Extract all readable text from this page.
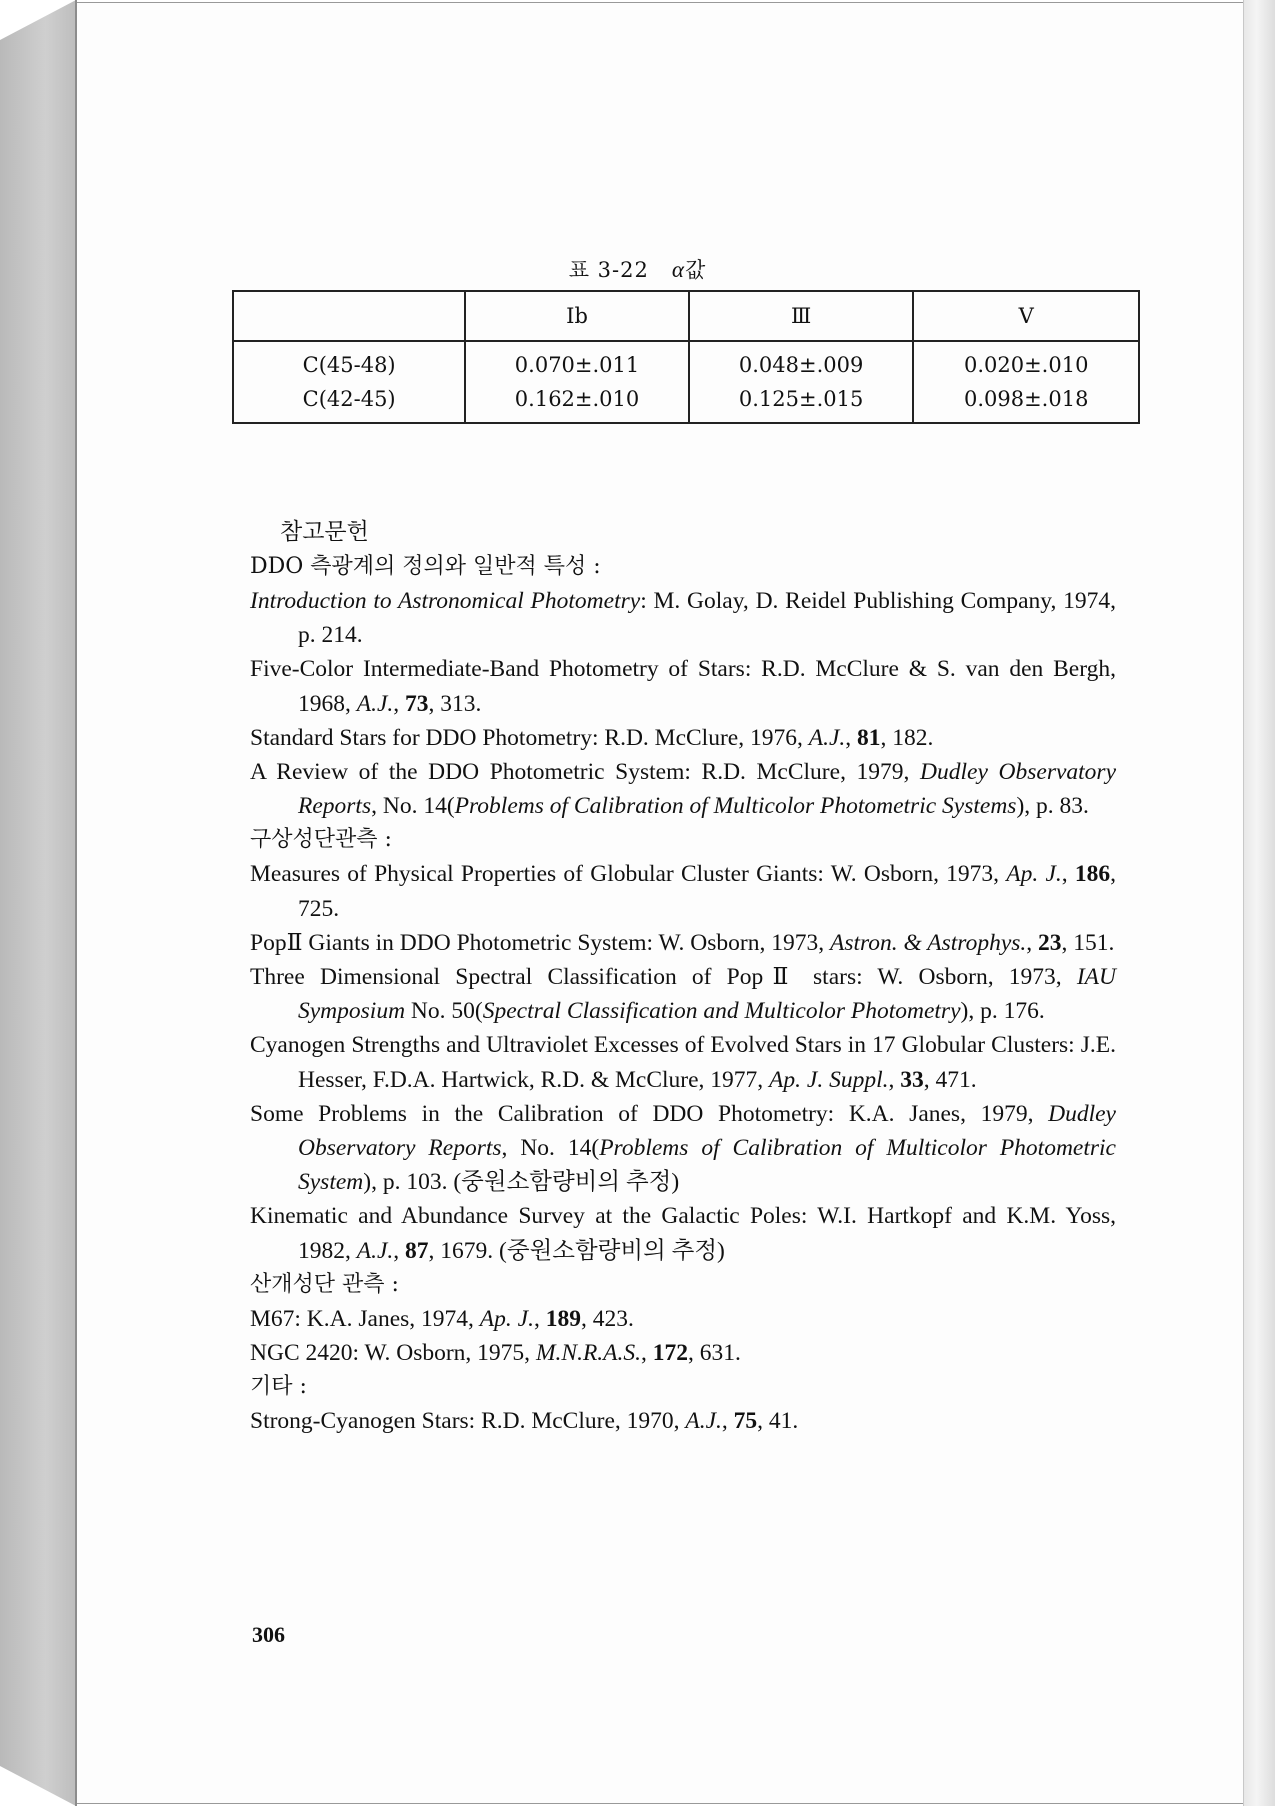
표 3-22 α값
	Ib	Ⅲ	V
C(45-48)	0.070±.011	0.048±.009	0.020±.010
C(42-45)	0.162±.010	0.125±.015	0.098±.018
참고문헌
DDO 측광계의 정의와 일반적 특성 :
Introduction to Astronomical Photometry: M. Golay, D. Reidel Publishing Company, 1974, p. 214.
Five-Color Intermediate-Band Photometry of Stars: R.D. McClure & S. van den Bergh, 1968, A.J., 73, 313.
Standard Stars for DDO Photometry: R.D. McClure, 1976, A.J., 81, 182.
A Review of the DDO Photometric System: R.D. McClure, 1979, Dudley Observatory Reports, No. 14(Problems of Calibration of Multicolor Photometric Systems), p. 83.
구상성단관측 :
Measures of Physical Properties of Globular Cluster Giants: W. Osborn, 1973, Ap. J., 186, 725.
PopⅡ Giants in DDO Photometric System: W. Osborn, 1973, Astron. & Astrophys., 23, 151.
Three Dimensional Spectral Classification of PopⅡ stars: W. Osborn, 1973, IAU Symposium No. 50(Spectral Classification and Multicolor Photometry), p. 176.
Cyanogen Strengths and Ultraviolet Excesses of Evolved Stars in 17 Globular Clusters: J.E. Hesser, F.D.A. Hartwick, R.D. & McClure, 1977, Ap. J. Suppl., 33, 471.
Some Problems in the Calibration of DDO Photometry: K.A. Janes, 1979, Dudley Observatory Reports, No. 14(Problems of Calibration of Multicolor Photometric System), p. 103. (중원소함량비의 추정)
Kinematic and Abundance Survey at the Galactic Poles: W.I. Hartkopf and K.M. Yoss, 1982, A.J., 87, 1679. (중원소함량비의 추정)
산개성단 관측 :
M67: K.A. Janes, 1974, Ap. J., 189, 423.
NGC 2420: W. Osborn, 1975, M.N.R.A.S., 172, 631.
기타 :
Strong-Cyanogen Stars: R.D. McClure, 1970, A.J., 75, 41.
306
